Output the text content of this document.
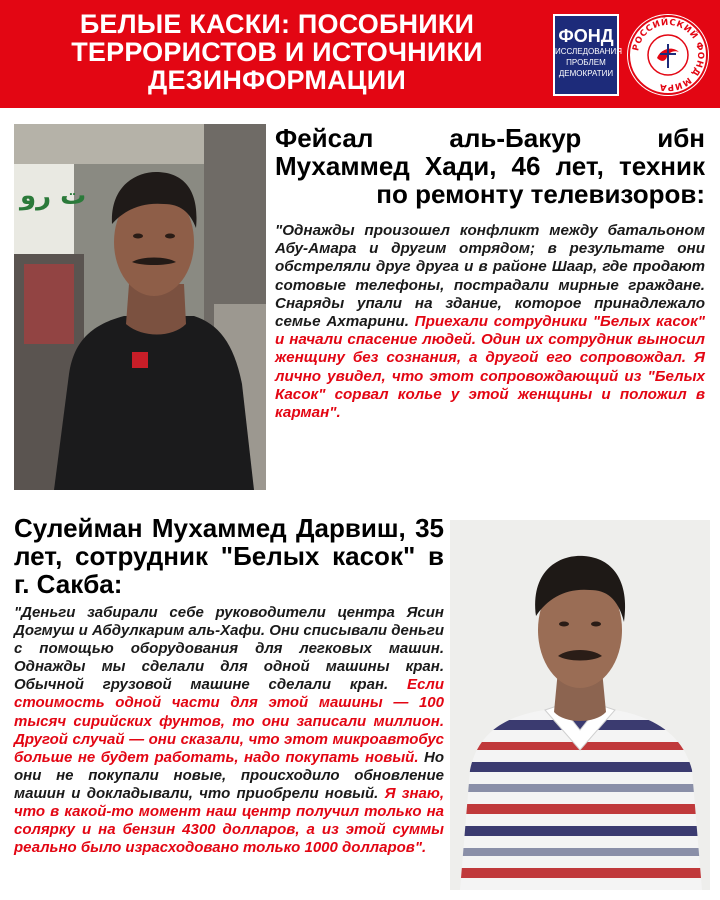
БЕЛЫЕ КАСКИ: ПОСОБНИКИ ТЕРРОРИСТОВ И ИСТОЧНИКИ ДЕЗИНФОРМАЦИИ
ФОНД
ИССЛЕДОВАНИЯ
ПРОБЛЕМ
ДЕМОКРАТИИ
РОССИЙСКИЙ ФОНД МИРА
ﺕ ﺭﻭ
Фейсал аль-Бакур ибн Мухаммед Хади, 46 лет, техник по ремонту телевизоров:
"Однажды произошел конфликт между батальоном Абу-Амара и другим отрядом; в результате они обстреляли друг друга и в районе Шаар, где продают сотовые телефоны, пострадали мирные граждане. Снаряды упали на здание, которое принадлежало семье Ахтарини. Приехали сотрудники "Белых касок" и начали спасение людей. Один их сотрудник выносил женщину без сознания, а другой его сопровождал. Я лично увидел, что этот сопровождающий из "Белых Касок" сорвал колье у этой женщины и положил в карман".
Сулейман Мухаммед Дарвиш, 35 лет, сотрудник "Белых касок" в г. Сакба:
"Деньги забирали себе руководители центра Ясин Догмуш и Абдулкарим аль-Хафи. Они списывали деньги с помощью оборудования для легковых машин. Однажды мы сделали для одной машины кран. Обычной грузовой машине сделали кран. Если стоимость одной части для этой машины — 100 тысяч сирийских фунтов, то они записали миллион. Другой случай — они сказали, что этот микроавтобус больше не будет работать, надо покупать новый. Но они не покупали новые, происходило обновление машин и докладывали, что приобрели новый. Я знаю, что в какой-то момент наш центр получил только на солярку и на бензин 4300 долларов, а из этой суммы реально было израсходовано только 1000 долларов".
